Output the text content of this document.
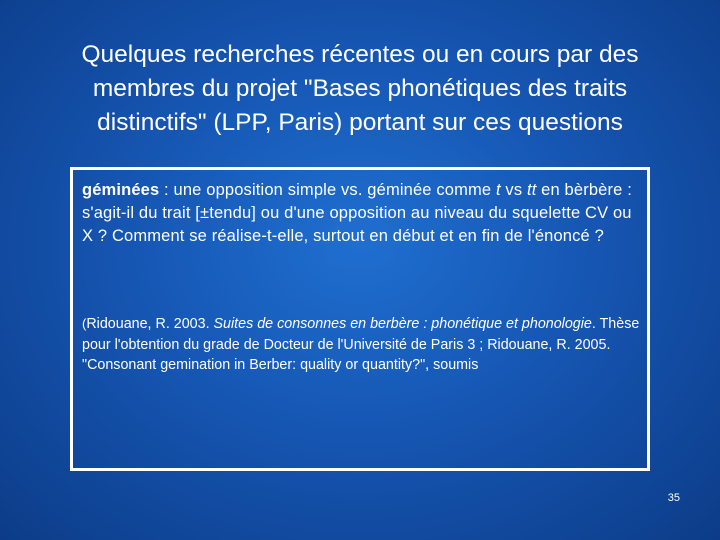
Quelques recherches récentes ou en cours par des
membres du projet "Bases phonétiques des traits
distinctifs" (LPP, Paris) portant sur ces questions

géminées : une opposition simple vs. géminée comme t vs tt en bèrbère : s'agit-il du trait [±tendu] ou d'une opposition au niveau du squelette CV ou X ? Comment se réalise-t-elle, surtout en début et en fin de l'énoncé ?

(Ridouane, R. 2003. Suites de consonnes en berbère : phonétique et phonologie. Thèse pour l'obtention du grade de Docteur de l'Université de Paris 3 ; Ridouane, R. 2005. "Consonant gemination in Berber: quality or quantity?", soumis

35
